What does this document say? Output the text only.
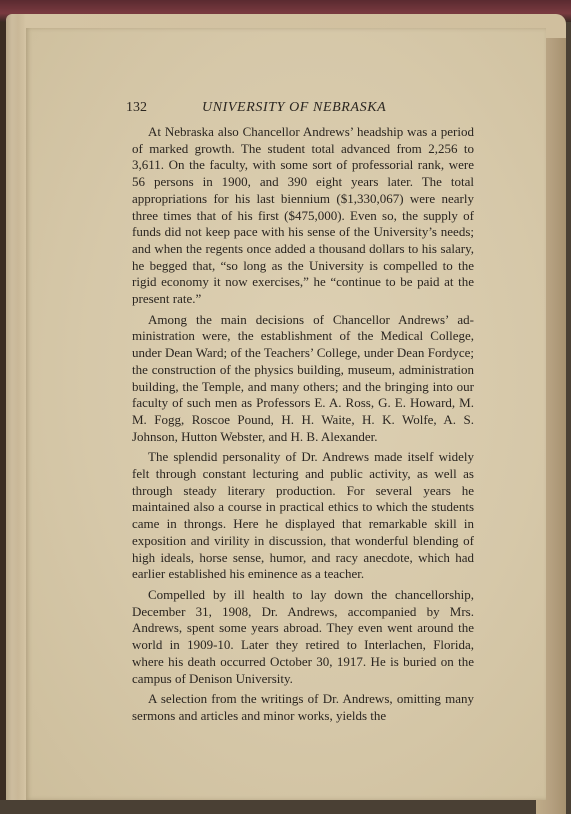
132	UNIVERSITY OF NEBRASKA

At Nebraska also Chancellor Andrews’ headship was a period of marked growth. The student total advanced from 2,256 to 3,611. On the faculty, with some sort of professorial rank, were 56 persons in 1900, and 390 eight years later. The total appropriations for his last biennium ($1,330,067) were nearly three times that of his first ($475,000). Even so, the supply of funds did not keep pace with his sense of the University’s needs; and when the regents once added a thousand dollars to his salary, he begged that, “so long as the University is compelled to the rigid economy it now exercises,” he “continue to be paid at the present rate.”

Among the main decisions of Chancellor Andrews’ administration were, the establishment of the Medical College, under Dean Ward; of the Teachers’ College, under Dean Fordyce; the construction of the physics building, museum, administration building, the Temple, and many others; and the bringing into our faculty of such men as Professors E. A. Ross, G. E. Howard, M. M. Fogg, Roscoe Pound, H. H. Waite, H. K. Wolfe, A. S. Johnson, Hutton Webster, and H. B. Alexander.

The splendid personality of Dr. Andrews made itself widely felt through constant lecturing and public activity, as well as through steady literary production. For several years he maintained also a course in practical ethics to which the students came in throngs. Here he displayed that remarkable skill in exposition and virility in discussion, that wonderful blending of high ideals, horse sense, humor, and racy anecdote, which had earlier established his eminence as a teacher.

Compelled by ill health to lay down the chancellorship, December 31, 1908, Dr. Andrews, accompanied by Mrs. Andrews, spent some years abroad. They even went around the world in 1909-10. Later they retired to Interlachen, Florida, where his death occurred October 30, 1917. He is buried on the campus of Denison University.

A selection from the writings of Dr. Andrews, omitting many sermons and articles and minor works, yields the
